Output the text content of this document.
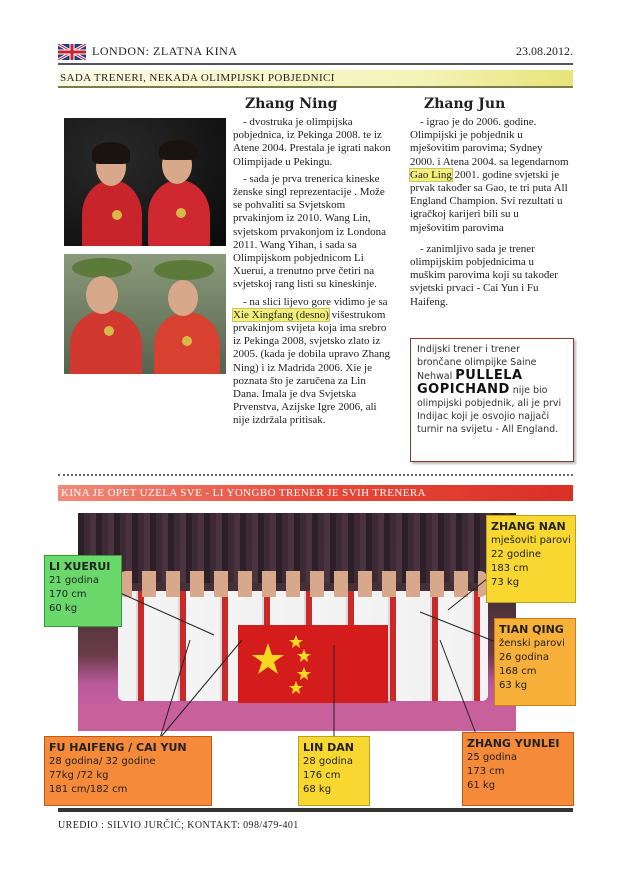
LONDON: ZLATNA KINA	23.08.2012.
SADA TRENERI, NEKADA OLIMPIJSKI POBJEDNICI
Zhang Ning

- dvostruka je olimpijska pobjednica, iz Pekinga 2008. te iz Atene 2004. Prestala je igrati nakon Olimpijade u Pekingu.

- sada je prva trenerica kineske ženske singl reprezentacije . Može se pohvaliti sa Svjetskom prvakinjom iz 2010. Wang Lin, svjetskom prvakonjom iz Londona 2011. Wang Yihan, i sada sa Olimpijskom pobjednicom Li Xuerui, a trenutno prve četiri na svjetskoj rang listi su kineskinje.

- na slici lijevo gore vidimo je sa Xie Xingfang (desno) višestrukom prvakinjom svijeta koja ima srebro iz Pekinga 2008, svjetsko zlato iz 2005. (kada je dobila upravo Zhang Ning) i iz Madrida 2006. Xie je poznata što je zaručena za Lin Dana. Imala je dva Svjetska Prvenstva, Azijske Igre 2006, ali nije izdržala pritisak.

Zhang Jun

- igrao je do 2006. godine. Olimpijski je pobjednik u mješovitim parovima; Sydney 2000. i Atena 2004. sa legendarnom Gao Ling 2001. godine svjetski je prvak također sa Gao, te tri puta All England Champion. Svi rezultati u igračkoj karijeri bili su u mješovitim parovima

- zanimljivo sada je trener olimpijskim pobjednicima u muškim parovima koji su također svjetski prvaci - Cai Yun i Fu Haifeng.

Indijski trener i trener brončane olimpijke Saine Nehwal PULLELA GOPICHAND nije bio olimpijski pobjednik, ali je prvi Indijac koji je osvojio najjači turnir na svijetu - All England.

KINA JE OPET UZELA SVE - LI YONGBO TRENER JE SVIH TRENERA
LI XUERUI
21 godina
170 cm
60 kg
ZHANG NAN
mješoviti parovi
22 godine
183 cm
73 kg
TIAN QING
ženski parovi
26 godina
168 cm
63 kg
FU HAIFENG / CAI YUN
28 godina/ 32 godine
77kg /72 kg
181 cm/182 cm
LIN DAN
28 godina
176 cm
68 kg
ZHANG YUNLEI
25 godina
173 cm
61 kg
UREDIO : SILVIO JURČIĆ; KONTAKT: 098/479-401
